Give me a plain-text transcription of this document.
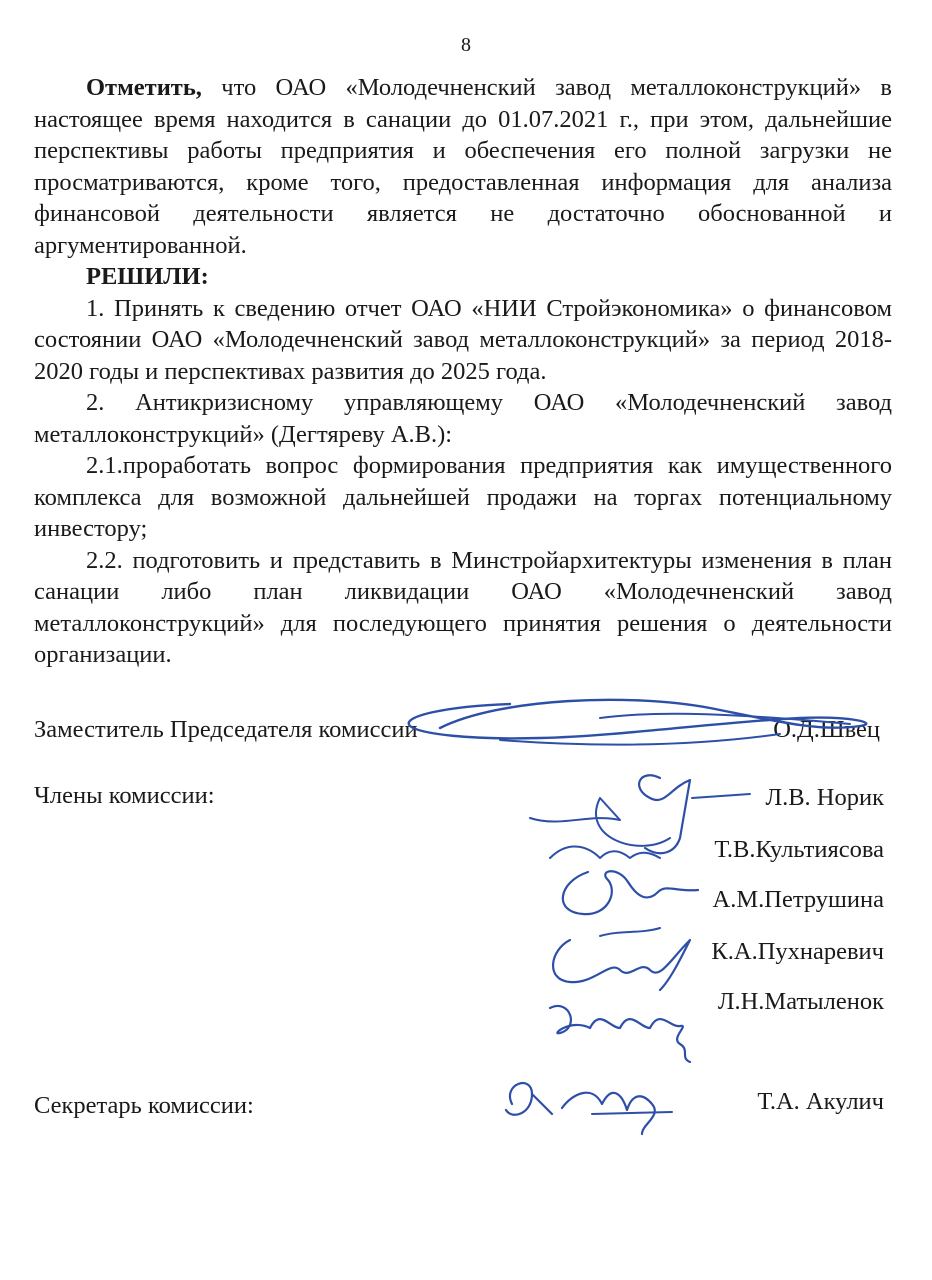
8

Отметить, что ОАО «Молодечненский завод металлоконструкций» в настоящее время находится в санации до 01.07.2021 г., при этом, дальнейшие перспективы работы предприятия и обеспечения его полной загрузки не просматриваются, кроме того, предоставленная информация для анализа финансовой деятельности является не достаточно обоснованной и аргументированной.

РЕШИЛИ:

1. Принять к сведению отчет ОАО «НИИ Стройэкономика» о финансовом состоянии ОАО «Молодечненский завод металлоконструкций» за период 2018-2020 годы и перспективах развития до 2025 года.

2. Антикризисному управляющему ОАО «Молодечненский завод металлоконструкций» (Дегтяреву А.В.):

2.1.проработать вопрос формирования предприятия как имущественного комплекса для возможной дальнейшей продажи на торгах потенциальному инвестору;

2.2. подготовить и представить в Минстройархитектуры изменения в план санации либо план ликвидации ОАО «Молодечненский завод металлоконструкций» для последующего принятия решения о деятельности организации.

Заместитель Председателя комиссии	О.Д.Швец
Члены комиссии:	Л.В. Норик
Т.В.Культиясова
А.М.Петрушина
К.А.Пухнаревич
Л.Н.Матыленок
Секретарь комиссии:	Т.А. Акулич
